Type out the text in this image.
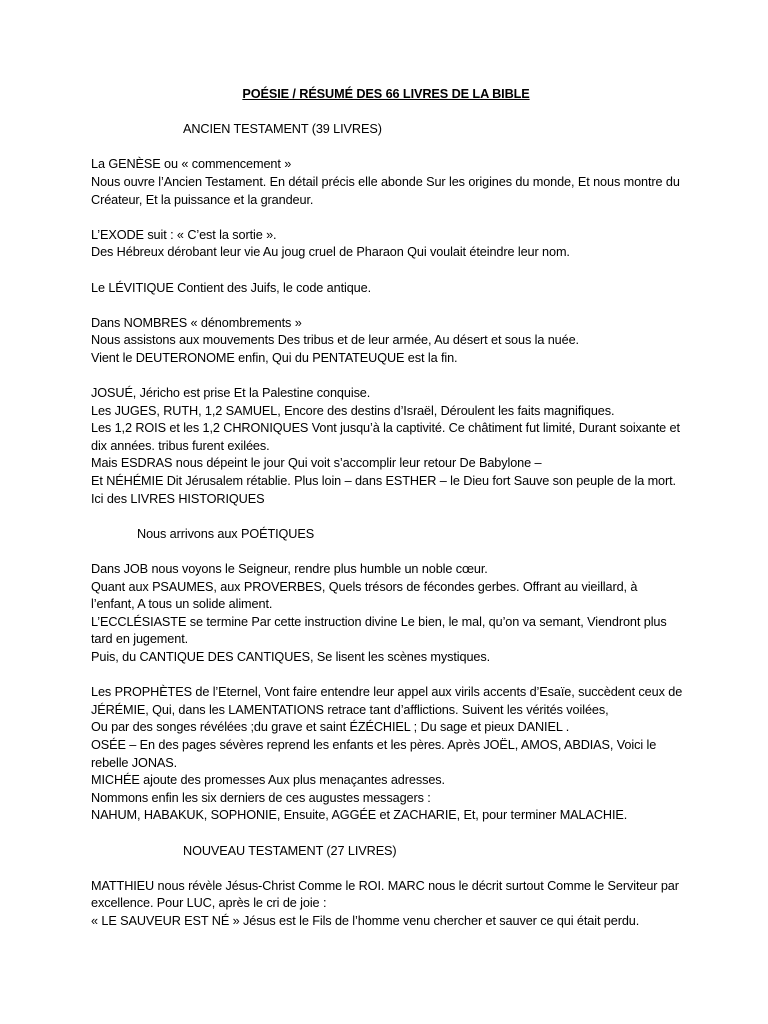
POÉSIE / RÉSUMÉ DES 66 LIVRES DE LA BIBLE

ANCIEN TESTAMENT (39 LIVRES)

La GENÈSE ou « commencement »

Nous ouvre l’Ancien Testament. En détail précis elle abonde Sur les origines du monde, Et nous montre du Créateur, Et la puissance et la grandeur.

L’EXODE suit : « C’est la sortie ».

Des Hébreux dérobant leur vie Au joug cruel de Pharaon Qui voulait éteindre leur nom.

Le LÉVITIQUE Contient des Juifs, le code antique.

Dans NOMBRES « dénombrements »

Nous assistons aux mouvements Des tribus et de leur armée, Au désert et sous la nuée.

Vient le DEUTERONOME enfin, Qui du PENTATEUQUE est la fin.

JOSUÉ, Jéricho est prise Et la Palestine conquise.

Les JUGES, RUTH, 1,2 SAMUEL, Encore des destins d’Israël, Déroulent les faits magnifiques.

Les 1,2 ROIS et les 1,2 CHRONIQUES Vont jusqu’à la captivité. Ce châtiment fut limité, Durant soixante et dix années. tribus furent exilées.

Mais ESDRAS nous dépeint le jour Qui voit s’accomplir leur retour De Babylone –

Et NÉHÉMIE Dit Jérusalem rétablie. Plus loin – dans ESTHER – le Dieu fort Sauve son peuple de la mort. Ici des LIVRES HISTORIQUES

Nous arrivons aux POÉTIQUES

Dans JOB nous voyons le Seigneur, rendre plus humble un noble cœur.

Quant aux PSAUMES, aux PROVERBES, Quels trésors de fécondes gerbes. Offrant au vieillard, à l’enfant, A tous un solide aliment.

L’ECCLÉSIASTE se termine Par cette instruction divine Le bien, le mal, qu’on va semant, Viendront plus tard en jugement.

Puis, du CANTIQUE DES CANTIQUES, Se lisent les scènes mystiques.

Les PROPHÈTES de l’Eternel, Vont faire entendre leur appel aux virils accents d’Esaïe, succèdent ceux de JÉRÉMIE, Qui, dans les LAMENTATIONS retrace tant d’afflictions. Suivent les vérités voilées,

Ou par des songes révélées ;du grave et saint ÉZÉCHIEL ; Du sage et pieux DANIEL .

OSÉE – En des pages sévères reprend les enfants et les pères. Après JOËL, AMOS, ABDIAS, Voici le rebelle JONAS.

MICHÉE ajoute des promesses Aux plus menaçantes adresses.

Nommons enfin les six derniers de ces augustes messagers :

NAHUM, HABAKUK, SOPHONIE, Ensuite, AGGÉE et ZACHARIE, Et, pour terminer MALACHIE.

NOUVEAU TESTAMENT (27 LIVRES)

MATTHIEU nous révèle Jésus-Christ Comme le ROI. MARC nous le décrit surtout Comme le Serviteur par excellence. Pour LUC, après le cri de joie :

« LE SAUVEUR EST NÉ » Jésus est le Fils de l’homme venu chercher et sauver ce qui était perdu.
